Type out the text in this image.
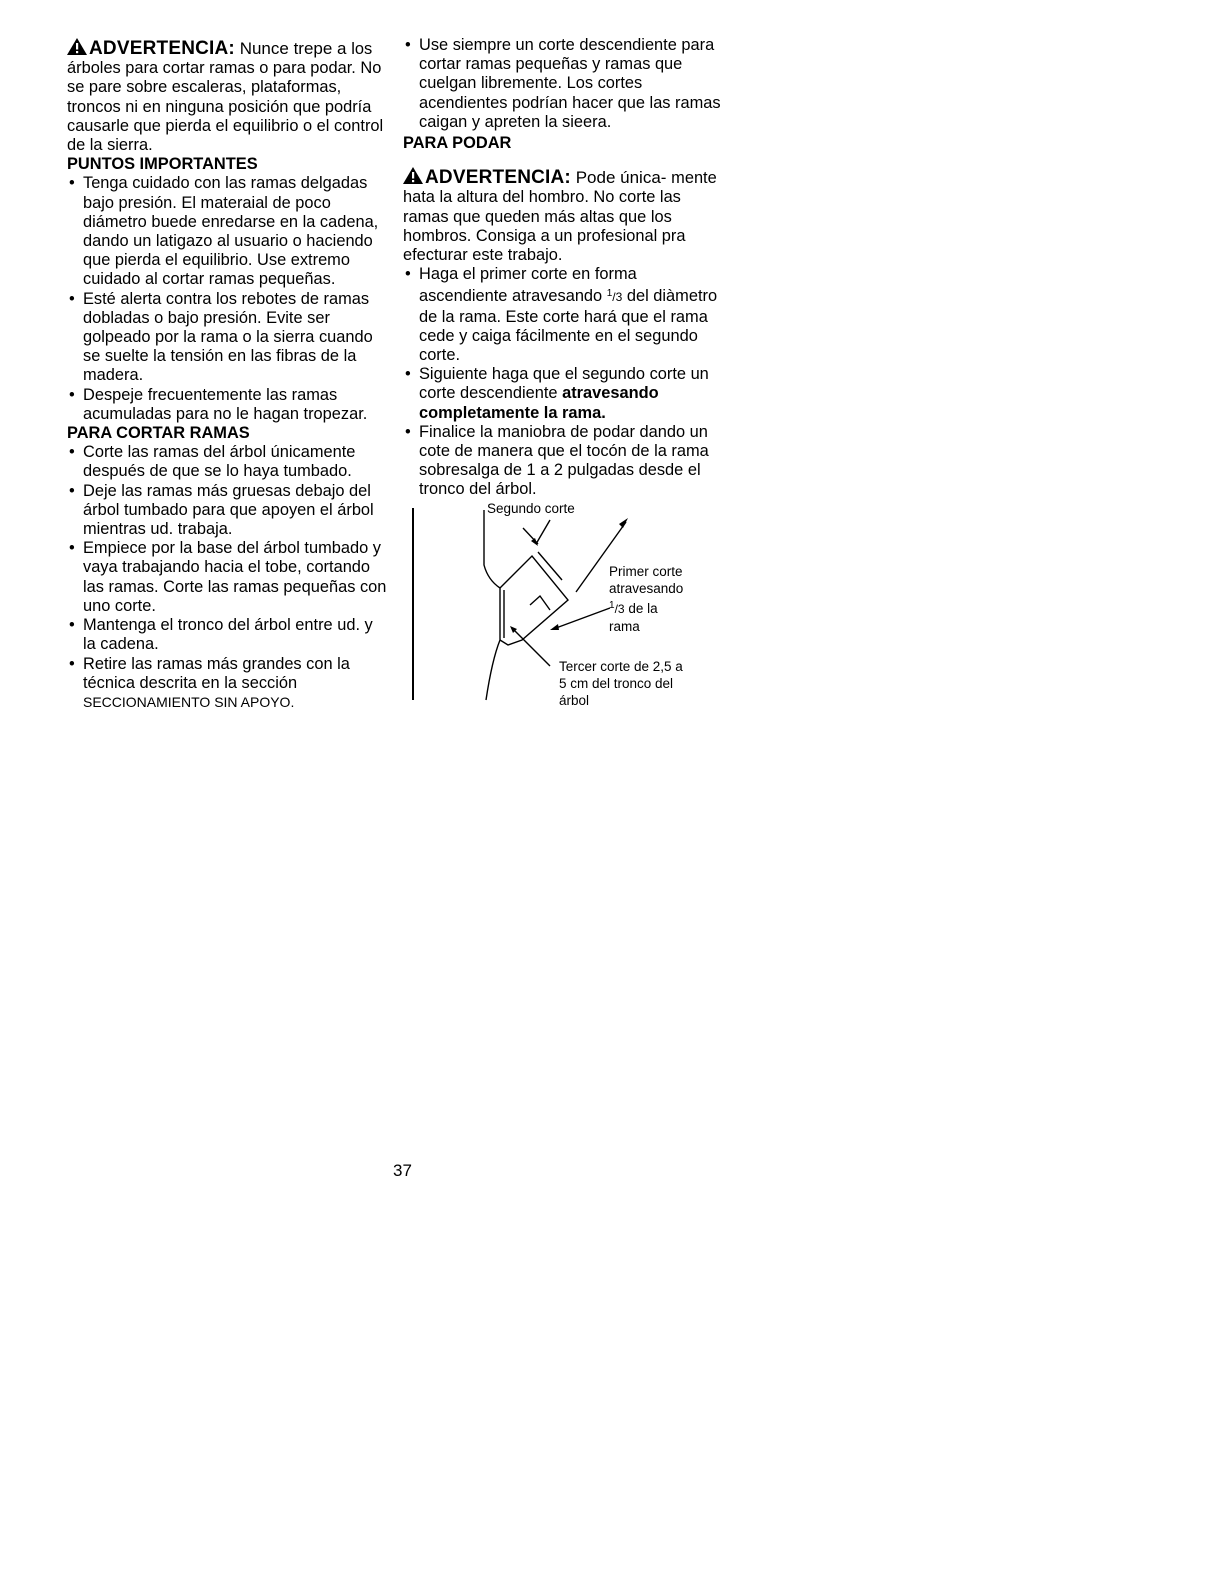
ADVERTENCIA: Nunce trepe a los árboles para cortar ramas o para podar. No se pare sobre escaleras, plataformas, troncos ni en ninguna posición que podría causarle que pierda el equilibrio o el control de la sierra.

PUNTOS IMPORTANTES

• Tenga cuidado con las ramas delgadas bajo presión. El materaial de poco diámetro buede enredarse en la cadena, dando un latigazo al usuario o haciendo que pierda el equilibrio. Use extremo cuidado al cortar ramas pequeñas.
• Esté alerta contra los rebotes de ramas dobladas o bajo presión. Evite ser golpeado por la rama o la sierra cuando se suelte la tensión en las fibras de la madera.
• Despeje frecuentemente las ramas acumuladas para no le hagan tropezar.

PARA CORTAR RAMAS

• Corte las ramas del árbol únicamente después de que se lo haya tumbado.
• Deje las ramas más gruesas debajo del árbol tumbado para que apoyen el árbol mientras ud. trabaja.
• Empiece por la base del árbol tumbado y vaya trabajando hacia el tobe, cortando las ramas. Corte las ramas pequeñas con uno corte.
• Mantenga el tronco del árbol entre ud. y la cadena.
• Retire las ramas más grandes con la técnica descrita en la sección SECCIONAMIENTO SIN APOYO.
• Use siempre un corte descendiente para cortar ramas pequeñas y ramas que cuelgan libremente. Los cortes acendientes podrían hacer que las ramas caigan y apreten la sieera.

PARA PODAR

ADVERTENCIA: Pode única- mente hata la altura del hombro. No corte las ramas que queden más altas que los hombros. Consiga a un profesional pra efecturar este trabajo.

• Haga el primer corte en forma ascendiente atravesando $^1$/3 del diàmetro de la rama. Este corte hará que el rama cede y caiga fácilmente en el segundo corte.
• Siguiente haga que el segundo corte un corte descendiente atravesando completamente la rama.
• Finalice la maniobra de podar dando un cote de manera que el tocón de la rama sobresalga de 1 a 2 pulgadas desde el tronco del árbol.
Segundo corte
Primer corte atravesando
$^1$/3 de la
rama
Tercer corte de 2,5 a
5 cm del tronco del
árbol
37
